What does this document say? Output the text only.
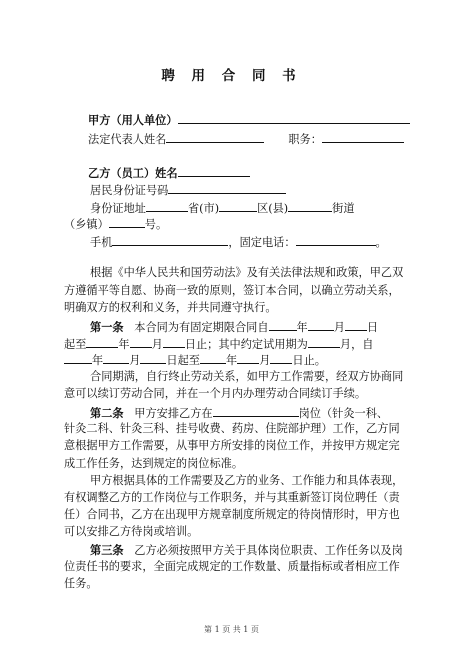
聘 用 合 同 书
甲方（用人单位）
法定代表人姓名	职务：
乙方（员工）姓名
居民身份证号码
身份证地址	省(市)	区(县)	街道
（乡镇）	号。
手机	，固定电话：	。
根据《中华人民共和国劳动法》及有关法律法规和政策，甲乙双
方遵循平等自愿、协商一致的原则，签订本合同，以确立劳动关系，
明确双方的权利和义务，并共同遵守执行。
第一条 本合同为有固定期限合同自	年 月 日
起至	年 月 日止；其中约定试用期为	月，自
年 月 日起至 年 月 日止。
合同期满，自行终止劳动关系，如甲方工作需要，经双方协商同
意可以续订劳动合同，并在一个月内办理劳动合同续订手续。
第二条 甲方安排乙方在	岗位（针灸一科、
针灸二科、针灸三科、挂号收费、药房、住院部护理）工作，乙方同
意根据甲方工作需要，从事甲方所安排的岗位工作，并按甲方规定完
成工作任务，达到规定的岗位标准。
甲方根据具体的工作需要及乙方的业务、工作能力和具体表现，
有权调整乙方的工作岗位与工作职务，并与其重新签订岗位聘任（责
任）合同书，乙方在出现甲方规章制度所规定的待岗情形时，甲方也
可以安排乙方待岗或培训。
第三条 乙方必须按照甲方关于具体岗位职责、工作任务以及岗
位责任书的要求，全面完成规定的工作数量、质量指标或者相应工作
任务。
第 1 页 共 1 页
